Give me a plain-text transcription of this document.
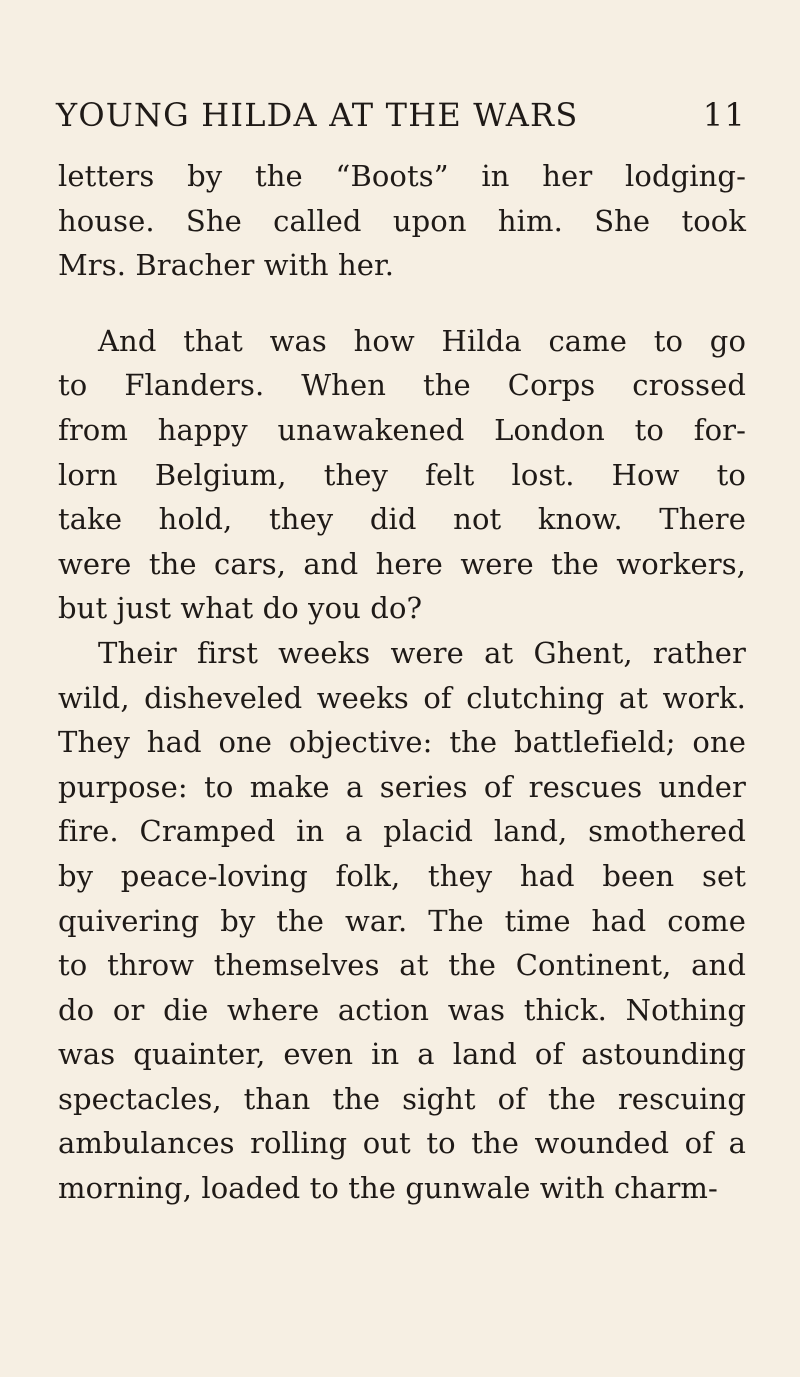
YOUNG HILDA AT THE WARS	11
letters by the “Boots” in her lodging-
house. She called upon him. She took
Mrs. Bracher with her.
And that was how Hilda came to go
to Flanders. When the Corps crossed
from happy unawakened London to for-
lorn Belgium, they felt lost. How to
take hold, they did not know. There
were the cars, and here were the workers,
but just what do you do?
Their first weeks were at Ghent, rather
wild, disheveled weeks of clutching at work.
They had one objective: the battlefield; one
purpose: to make a series of rescues under
fire. Cramped in a placid land, smothered
by peace-loving folk, they had been set
quivering by the war. The time had come
to throw themselves at the Continent, and
do or die where action was thick. Nothing
was quainter, even in a land of astounding
spectacles, than the sight of the rescuing
ambulances rolling out to the wounded of a
morning, loaded to the gunwale with charm-
